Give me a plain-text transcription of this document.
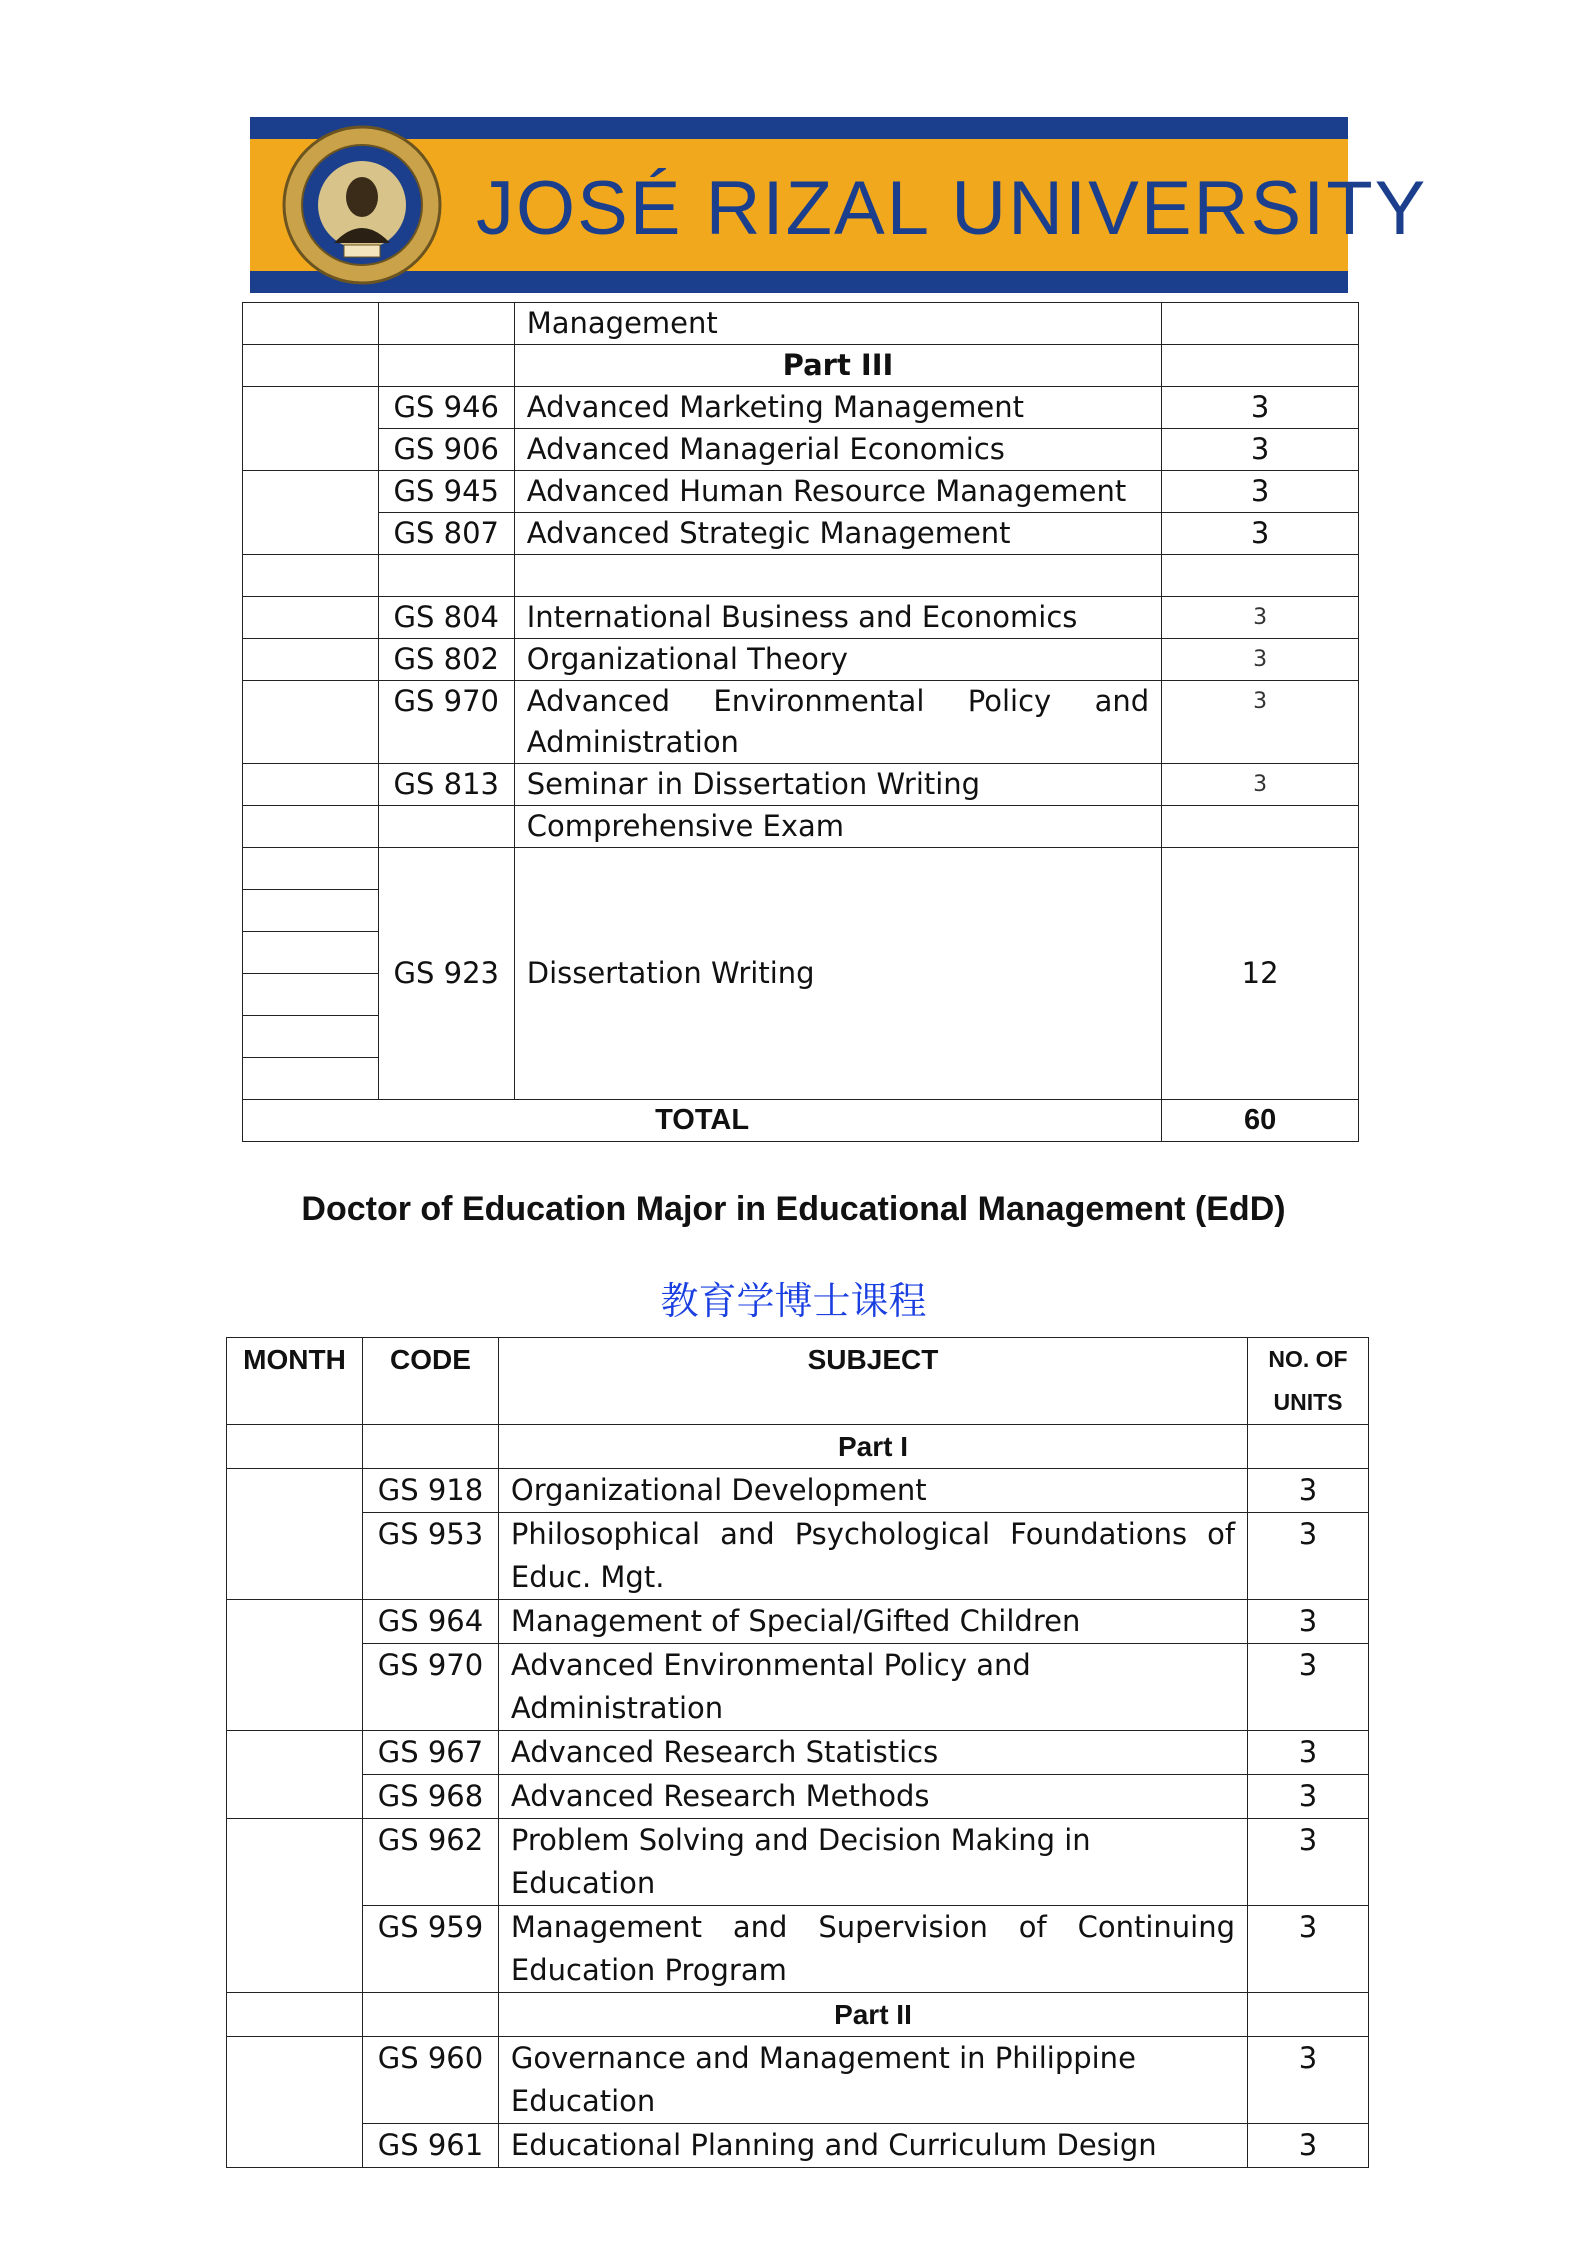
JOSÉ RIZAL UNIVERSITY
		Management	
		Part III	
	GS 946	Advanced Marketing Management	3
	GS 906	Advanced Managerial Economics	3
	GS 945	Advanced Human Resource Management	3
	GS 807	Advanced Strategic Management	3

	GS 804	International Business and Economics	3
	GS 802	Organizational Theory	3
	GS 970	Advanced Environmental Policy and Administration	3
	GS 813	Seminar in Dissertation Writing	3
		Comprehensive Exam	
	GS 923	Dissertation Writing	12

TOTAL			60
Doctor of Education Major in Educational Management (EdD)
教育学博士课程
MONTH	CODE	SUBJECT	NO. OF
UNITS
		Part I	
	GS 918	Organizational Development	3
	GS 953	Philosophical and Psychological Foundations of Educ. Mgt.	3
	GS 964	Management of Special/Gifted Children	3
	GS 970	Advanced Environmental Policy and Administration	3
	GS 967	Advanced Research Statistics	3
	GS 968	Advanced Research Methods	3
	GS 962	Problem Solving and Decision Making in Education	3
	GS 959	Management and Supervision of Continuing Education Program	3
		Part II	
	GS 960	Governance and Management in Philippine Education	3
	GS 961	Educational Planning and Curriculum Design	3
